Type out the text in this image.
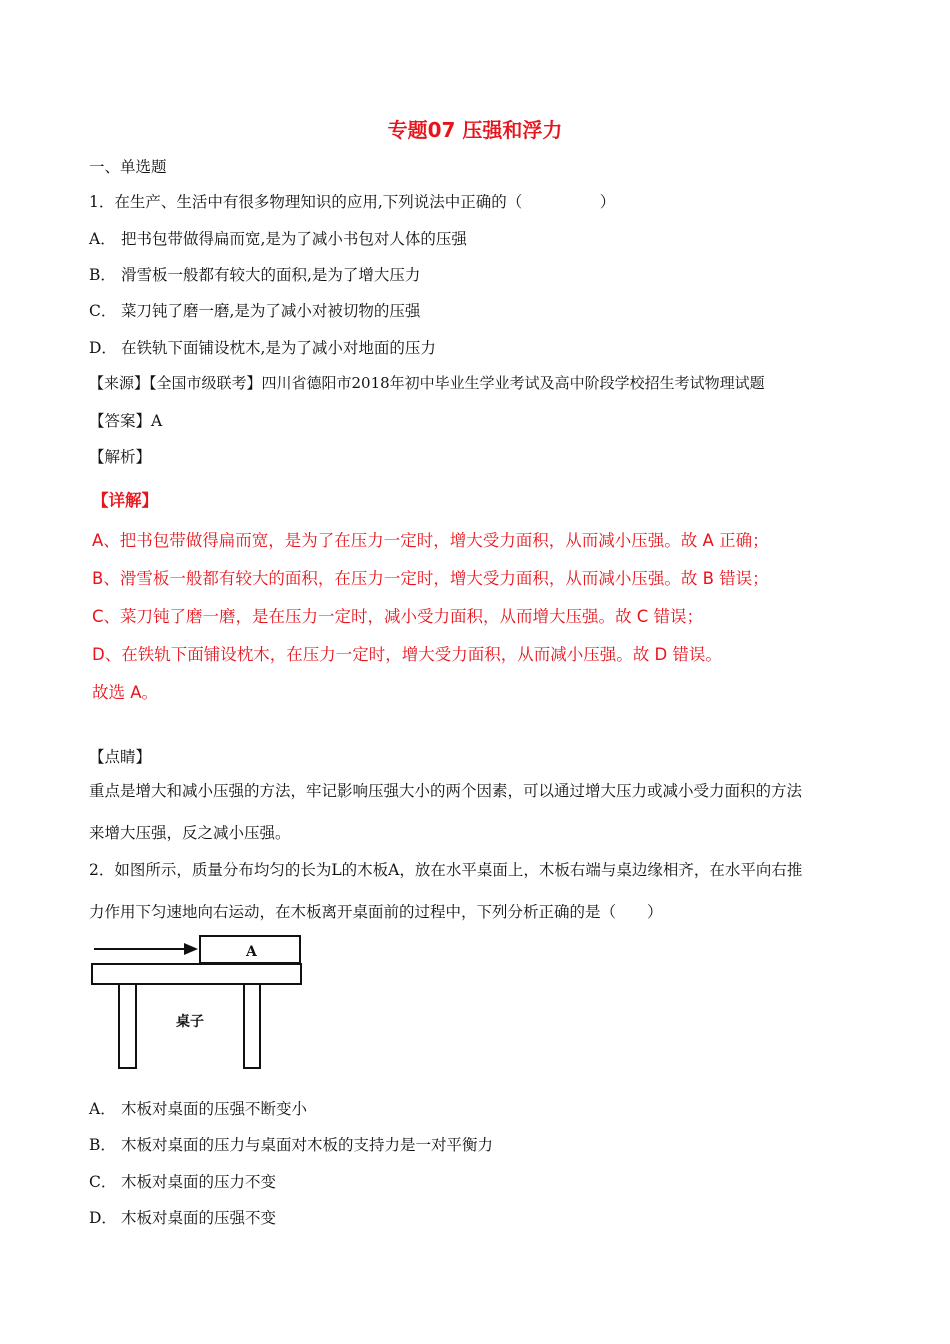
专题07 压强和浮力
一、单选题
1．在生产、生活中有很多物理知识的应用,下列说法中正确的（　　　　　）
A． 把书包带做得扁而宽,是为了减小书包对人体的压强
B． 滑雪板一般都有较大的面积,是为了增大压力
C． 菜刀钝了磨一磨,是为了减小对被切物的压强
D． 在铁轨下面铺设枕木,是为了减小对地面的压力
【来源】【全国市级联考】四川省德阳市2018年初中毕业生学业考试及高中阶段学校招生考试物理试题
【答案】A
【解析】
【详解】
A、把书包带做得扁而宽，是为了在压力一定时，增大受力面积，从而减小压强。故 A 正确；
B、滑雪板一般都有较大的面积，在压力一定时，增大受力面积，从而减小压强。故 B 错误；
C、菜刀钝了磨一磨，是在压力一定时，减小受力面积，从而增大压强。故 C 错误；
D、在铁轨下面铺设枕木，在压力一定时，增大受力面积，从而减小压强。故 D 错误。
故选 A。
【点睛】
重点是增大和减小压强的方法，牢记影响压强大小的两个因素，可以通过增大压力或减小受力面积的方法
来增大压强，反之减小压强。
2．如图所示，质量分布均匀的长为L的木板A，放在水平桌面上，木板右端与桌边缘相齐，在水平向右推
力作用下匀速地向右运动，在木板离开桌面前的过程中，下列分析正确的是（　　）
A
桌子
A． 木板对桌面的压强不断变小
B． 木板对桌面的压力与桌面对木板的支持力是一对平衡力
C． 木板对桌面的压力不变
D． 木板对桌面的压强不变
